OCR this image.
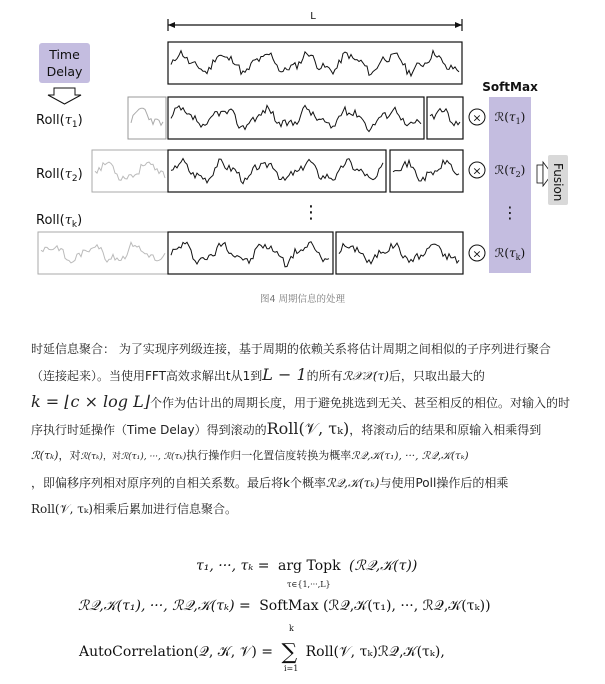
L
Time
Delay
$Roll(\tau_1)$	×
$Roll(\tau_2)$	×
⋮
$Roll(\tau_k)$
×
SoftMax
$ℛ(\tau_1)$
$ℛ(\tau_2)$
⋮
$ℛ(\tau_k)$
Fusion
图4 周期信息的处理

时延信息聚合： 为了实现序列级连接，基于周期的依赖关系将估计周期之间相似的子序列进行聚合

（连接起来）。当使用FFT高效求解出t从1到L − 1的所有ℛ𝒳𝒳(τ)后，只取出最大的

k = ⌊c × log L⌋个作为估计出的周期长度，用于避免挑选到无关、甚至相反的相位。对输入的时

序执行时延操作（Time Delay）得到滚动的Roll(𝒱, τₖ)，将滚动后的结果和原输入相乘得到

ℛ(τₖ)，对ℛ(τₖ)，对ℛ(τ₁), ···, ℛ(τₖ)执行操作归一化置信度转换为概率ℛ𝒬,𝒦(τ₁), ···, ℛ𝒬,𝒦(τₖ)

，即偏移序列相对原序列的自相关系数。最后将k个概率ℛ𝒬,𝒦(τₖ)与使用Poll操作后的相乘

Roll(𝒱, τₖ)相乘后累加进行信息聚合。

τ₁, ···, τₖ = arg Topk (ℛ𝒬,𝒦(τ))
τ∈{1,···,L}
ℛ𝒬,𝒦(τ₁), ···, ℛ𝒬,𝒦(τₖ) = SoftMax (ℛ𝒬,𝒦(τ₁), ···, ℛ𝒬,𝒦(τₖ))
AutoCorrelation(𝒬, 𝒦, 𝒱) = ∑ Roll(𝒱, τₖ)ℛ𝒬,𝒦(τₖ),
k
i=1
